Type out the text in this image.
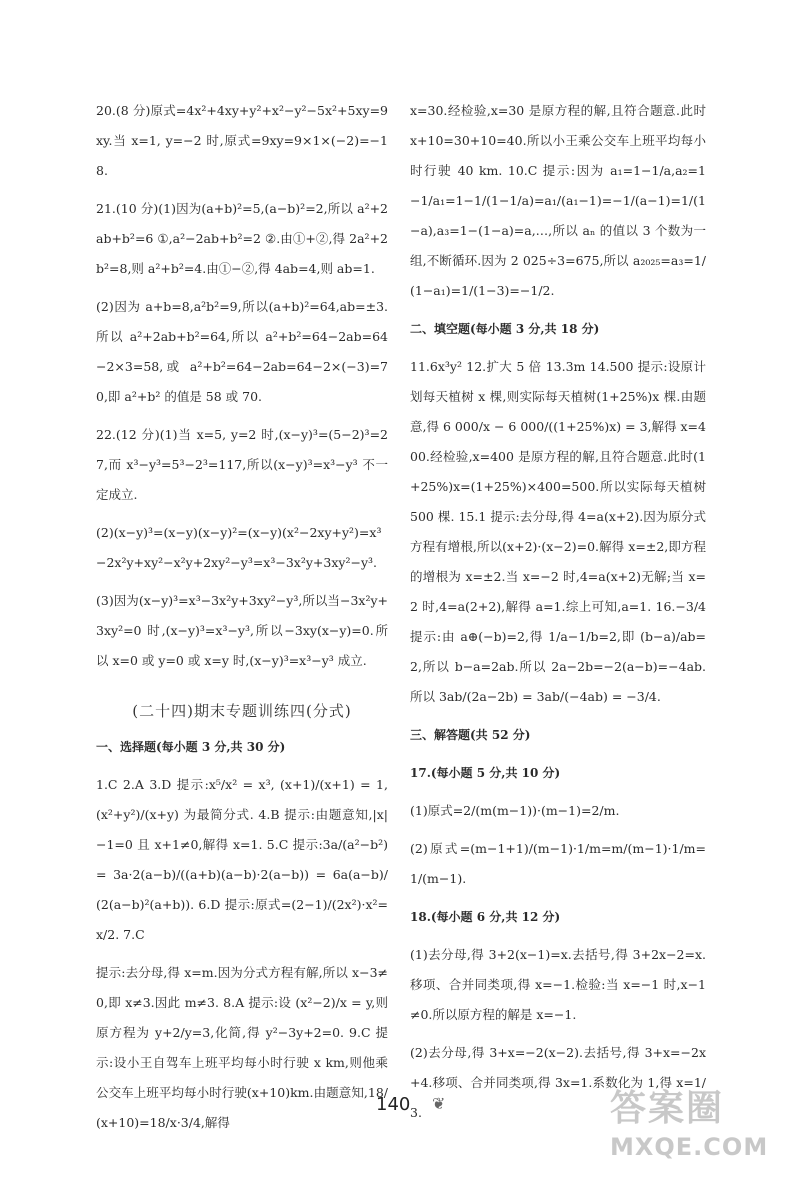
20.(8 分)原式=4x²+4xy+y²+x²−y²−5x²+5xy=9xy.当 x=1, y=−2 时,原式=9xy=9×1×(−2)=−18.

21.(10 分)(1)因为(a+b)²=5,(a−b)²=2,所以 a²+2ab+b²=6 ①,a²−2ab+b²=2 ②.由①+②,得 2a²+2b²=8,则 a²+b²=4.由①−②,得 4ab=4,则 ab=1.

(2)因为 a+b=8,a²b²=9,所以(a+b)²=64,ab=±3.所以 a²+2ab+b²=64,所以 a²+b²=64−2ab=64−2×3=58,或 a²+b²=64−2ab=64−2×(−3)=70,即 a²+b² 的值是 58 或 70.

22.(12 分)(1)当 x=5, y=2 时,(x−y)³=(5−2)³=27,而 x³−y³=5³−2³=117,所以(x−y)³=x³−y³ 不一定成立.

(2)(x−y)³=(x−y)(x−y)²=(x−y)(x²−2xy+y²)=x³−2x²y+xy²−x²y+2xy²−y³=x³−3x²y+3xy²−y³.

(3)因为(x−y)³=x³−3x²y+3xy²−y³,所以当−3x²y+3xy²=0 时,(x−y)³=x³−y³,所以−3xy(x−y)=0.所以 x=0 或 y=0 或 x=y 时,(x−y)³=x³−y³ 成立.

(二十四)期末专题训练四(分式)

一、选择题(每小题 3 分,共 30 分)

1.C 2.A 3.D 提示:x⁵/x² = x³, (x+1)/(x+1) = 1, (x²+y²)/(x+y) 为最简分式. 4.B 提示:由题意知,|x|−1=0 且 x+1≠0,解得 x=1. 5.C 提示:3a/(a²−b²) = 3a·2(a−b)/((a+b)(a−b)·2(a−b)) = 6a(a−b)/(2(a−b)²(a+b)). 6.D 提示:原式=(2−1)/(2x²)·x²=x/2. 7.C

提示:去分母,得 x=m.因为分式方程有解,所以 x−3≠0,即 x≠3.因此 m≠3. 8.A 提示:设 (x²−2)/x = y,则原方程为 y+2/y=3,化简,得 y²−3y+2=0. 9.C 提示:设小王自驾车上班平均每小时行驶 x km,则他乘公交车上班平均每小时行驶(x+10)km.由题意知,18/(x+10)=18/x·3/4,解得

x=30.经检验,x=30 是原方程的解,且符合题意.此时 x+10=30+10=40.所以小王乘公交车上班平均每小时行驶 40 km. 10.C 提示:因为 a₁=1−1/a,a₂=1−1/a₁=1−1/(1−1/a)=a₁/(a₁−1)=−1/(a−1)=1/(1−a),a₃=1−(1−a)=a,…,所以 aₙ 的值以 3 个数为一组,不断循环.因为 2 025÷3=675,所以 a₂₀₂₅=a₃=1/(1−a₁)=1/(1−3)=−1/2.

二、填空题(每小题 3 分,共 18 分)

11.6x³y² 12.扩大 5 倍 13.3m 14.500 提示:设原计划每天植树 x 棵,则实际每天植树(1+25%)x 棵.由题意,得 6 000/x − 6 000/((1+25%)x) = 3,解得 x=400.经检验,x=400 是原方程的解,且符合题意.此时(1+25%)x=(1+25%)×400=500.所以实际每天植树 500 棵. 15.1 提示:去分母,得 4=a(x+2).因为原分式方程有增根,所以(x+2)·(x−2)=0.解得 x=±2,即方程的增根为 x=±2.当 x=−2 时,4=a(x+2)无解;当 x=2 时,4=a(2+2),解得 a=1.综上可知,a=1. 16.−3/4 提示:由 a⊕(−b)=2,得 1/a−1/b=2,即 (b−a)/ab=2,所以 b−a=2ab.所以 2a−2b=−2(a−b)=−4ab.所以 3ab/(2a−2b) = 3ab/(−4ab) = −3/4.

三、解答题(共 52 分)

17.(每小题 5 分,共 10 分)

(1)原式=2/(m(m−1))·(m−1)=2/m.

(2)原式=(m−1+1)/(m−1)·1/m=m/(m−1)·1/m=1/(m−1).

18.(每小题 6 分,共 12 分)

(1)去分母,得 3+2(x−1)=x.去括号,得 3+2x−2=x.移项、合并同类项,得 x=−1.检验:当 x=−1 时,x−1≠0.所以原方程的解是 x=−1.

(2)去分母,得 3+x=−2(x−2).去括号,得 3+x=−2x+4.移项、合并同类项,得 3x=1.系数化为 1,得 x=1/3.

140 ❦	答案圈
MXQE.COM
